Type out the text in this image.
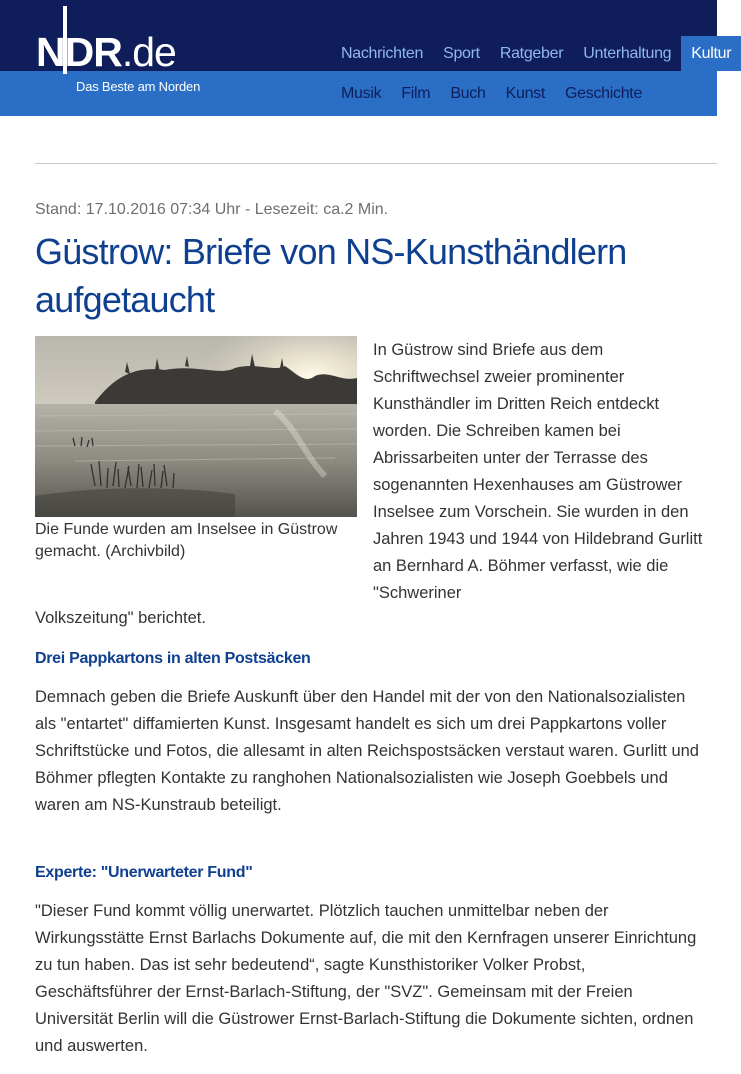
NDR.de
Das Beste am Norden
Nachrichten	Sport	Ratgeber	Unterhaltung	Kultur
Musik	Film	Buch	Kunst	Geschichte
Stand: 17.10.2016 07:34 Uhr - Lesezeit: ca.2 Min.
Güstrow: Briefe von NS-Kunsthändlern aufgetaucht
Die Funde wurden am Inselsee in Güstrow gemacht. (Archivbild)

In Güstrow sind Briefe aus dem Schriftwechsel zweier prominenter Kunsthändler im Dritten Reich entdeckt worden. Die Schreiben kamen bei Abrissarbeiten unter der Terrasse des sogenannten Hexenhauses am Güstrower Inselsee zum Vorschein. Sie wurden in den Jahren 1943 und 1944 von Hildebrand Gurlitt an Bernhard A. Böhmer verfasst, wie die "Schweriner

Volkszeitung" berichtet.

Drei Pappkartons in alten Postsäcken

Demnach geben die Briefe Auskunft über den Handel mit der von den Nationalsozialisten als "entartet" diffamierten Kunst. Insgesamt handelt es sich um drei Pappkartons voller Schriftstücke und Fotos, die allesamt in alten Reichspostsäcken verstaut waren. Gurlitt und Böhmer pflegten Kontakte zu ranghohen Nationalsozialisten wie Joseph Goebbels und waren am NS-Kunstraub beteiligt.

Experte: "Unerwarteter Fund"

"Dieser Fund kommt völlig unerwartet. Plötzlich tauchen unmittelbar neben der Wirkungsstätte Ernst Barlachs Dokumente auf, die mit den Kernfragen unserer Einrichtung zu tun haben. Das ist sehr bedeutend“, sagte Kunsthistoriker Volker Probst, Geschäftsführer der Ernst-Barlach-Stiftung, der "SVZ". Gemeinsam mit der Freien Universität Berlin will die Güstrower Ernst-Barlach-Stiftung die Dokumente sichten, ordnen und auswerten.
